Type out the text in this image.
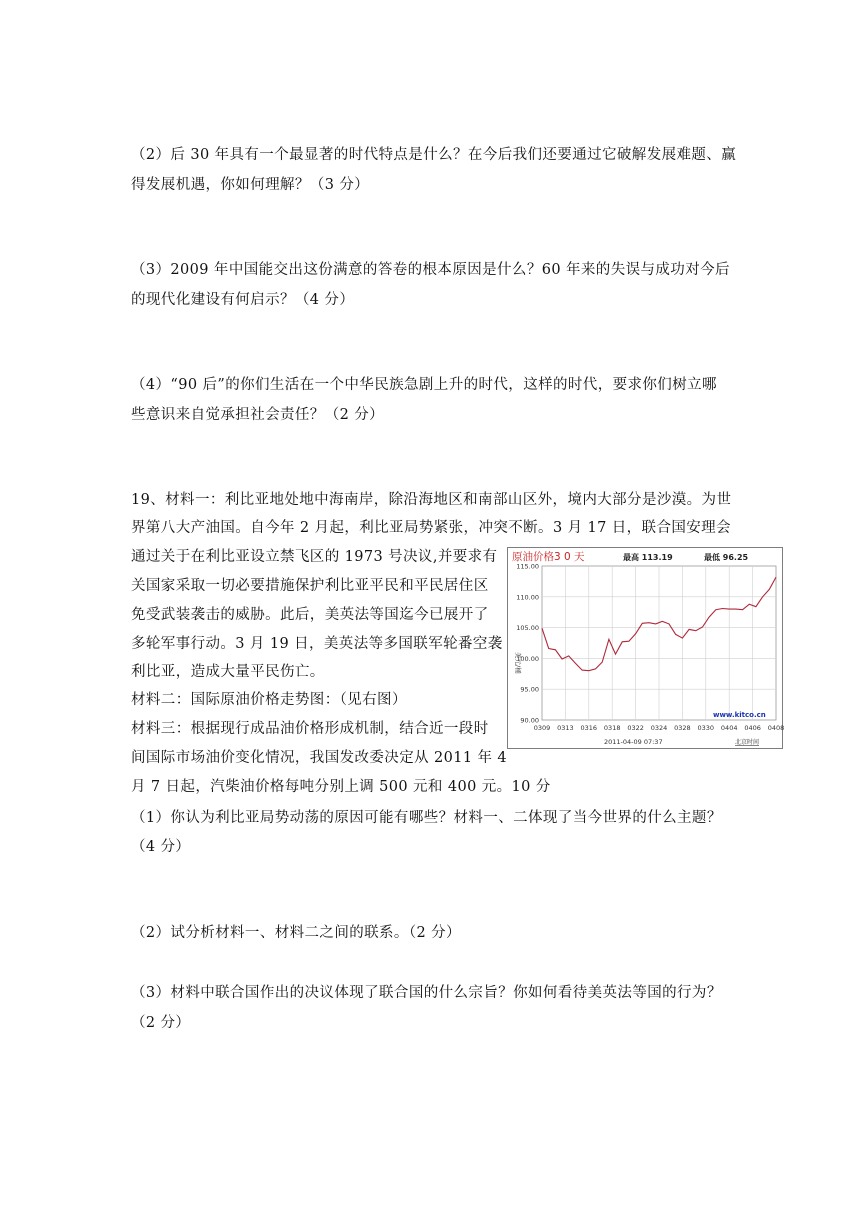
（2）后 30 年具有一个最显著的时代特点是什么？在今后我们还要通过它破解发展难题、赢
得发展机遇，你如何理解？（3 分）
（3）2009 年中国能交出这份满意的答卷的根本原因是什么？60 年来的失误与成功对今后
的现代化建设有何启示？（4 分）
（4）“90 后”的你们生活在一个中华民族急剧上升的时代，这样的时代，要求你们树立哪
些意识来自觉承担社会责任？（2 分）
19、材料一：利比亚地处地中海南岸，除沿海地区和南部山区外，境内大部分是沙漠。为世
界第八大产油国。自今年 2 月起，利比亚局势紧张，冲突不断。3 月 17 日，联合国安理会
通过关于在利比亚设立禁飞区的 1973 号决议,并要求有
关国家采取一切必要措施保护利比亚平民和平民居住区
免受武装袭击的威胁。此后，美英法等国迄今已展开了
多轮军事行动。3 月 19 日，美英法等多国联军轮番空袭
利比亚，造成大量平民伤亡。
材料二：国际原油价格走势图：（见右图）
材料三：根据现行成品油价格形成机制，结合近一段时
间国际市场油价变化情况，我国发改委决定从 2011 年 4
月 7 日起，汽柴油价格每吨分别上调 500 元和 400 元。10 分
（1）你认为利比亚局势动荡的原因可能有哪些？材料一、二体现了当今世界的什么主题？
（4 分）
（2）试分析材料一、材料二之间的联系。（2 分）
（3）材料中联合国作出的决议体现了联合国的什么宗旨？你如何看待美英法等国的行为？
（2 分）
原油价格3 0 天	最高 113.19	最低 96.25
美元/桶
115.00
110.00
105.00
100.00
95.00
90.00
0309 0313 0316 0318 0322 0324 0328 0330 0404 0406 0408
www.kitco.cn
2011-04-09 07:37	北京时间
